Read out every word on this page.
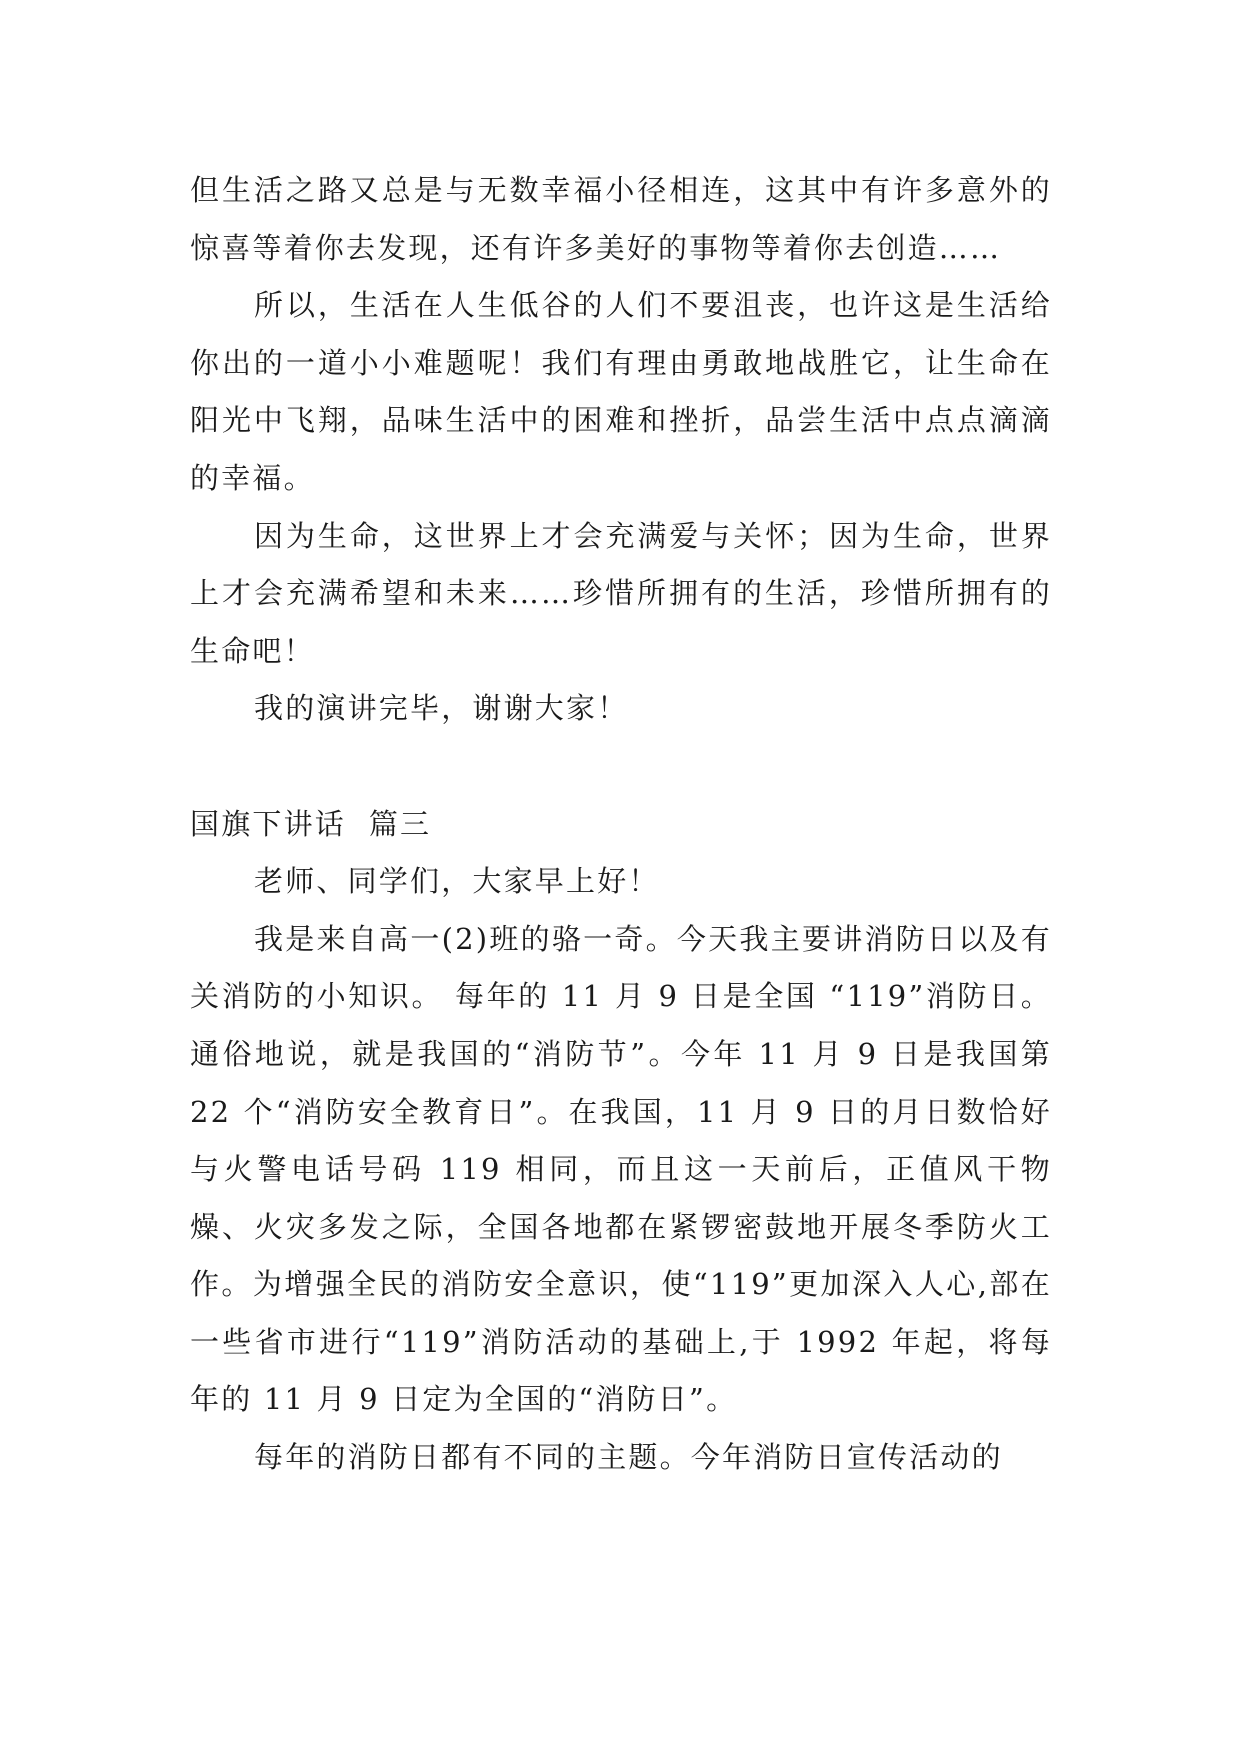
但生活之路又总是与无数幸福小径相连，这其中有许多意外的惊喜等着你去发现，还有许多美好的事物等着你去创造……

所以，生活在人生低谷的人们不要沮丧，也许这是生活给你出的一道小小难题呢！我们有理由勇敢地战胜它，让生命在阳光中飞翔，品味生活中的困难和挫折，品尝生活中点点滴滴的幸福。

因为生命，这世界上才会充满爱与关怀；因为生命，世界上才会充满希望和未来……珍惜所拥有的生活，珍惜所拥有的生命吧！

我的演讲完毕，谢谢大家！

国旗下讲话  篇三

老师、同学们，大家早上好！

我是来自高一(2)班的骆一奇。今天我主要讲消防日以及有关消防的小知识。 每年的 11 月 9 日是全国 “119”消防日。通俗地说，就是我国的“消防节”。今年 11 月 9 日是我国第 22 个“消防安全教育日”。在我国，11 月 9 日的月日数恰好与火警电话号码 119 相同，而且这一天前后，正值风干物燥、火灾多发之际，全国各地都在紧锣密鼓地开展冬季防火工作。为增强全民的消防安全意识，使“119”更加深入人心,部在一些省市进行“119”消防活动的基础上,于 1992 年起，将每年的 11 月 9 日定为全国的“消防日”。

每年的消防日都有不同的主题。今年消防日宣传活动的
